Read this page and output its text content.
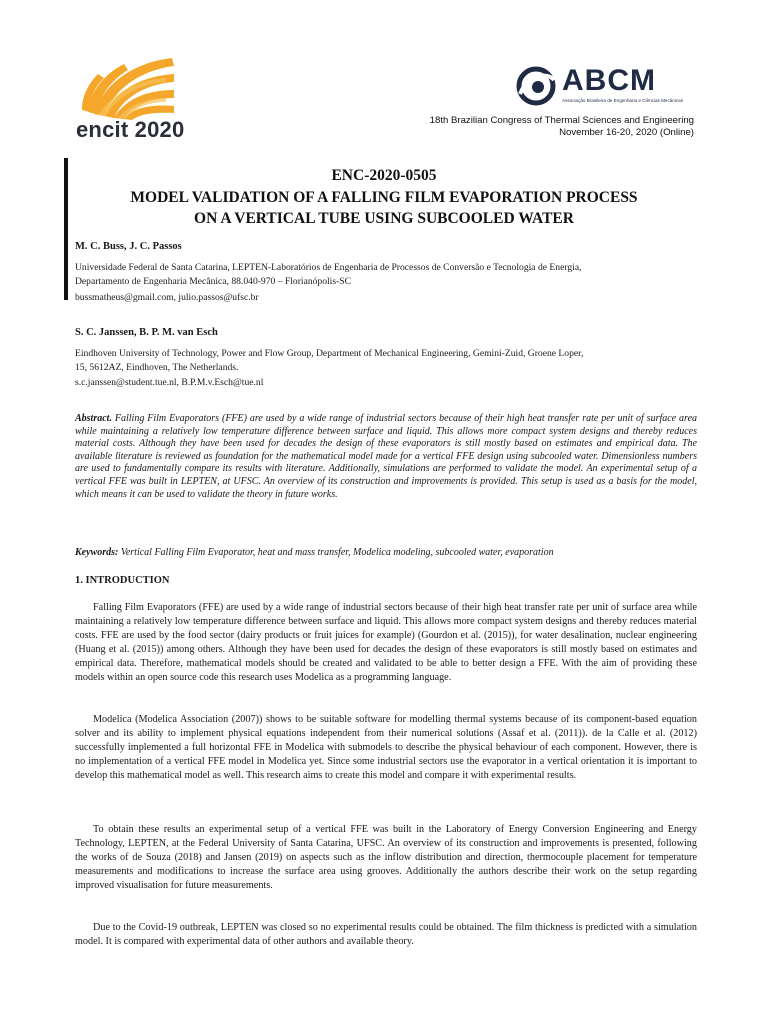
encit 2020
ABCM
Associação Brasileira de Engenharia e Ciências Mecânicas
18th Brazilian Congress of Thermal Sciences and Engineering
November 16-20, 2020 (Online)
ENC-2020-0505
MODEL VALIDATION OF A FALLING FILM EVAPORATION PROCESS
ON A VERTICAL TUBE USING SUBCOOLED WATER
M. C. Buss, J. C. Passos
Universidade Federal de Santa Catarina, LEPTEN-Laboratórios de Engenharia de Processos de Conversão e Tecnologia de Energia,
Departamento de Engenharia Mecânica, 88.040-970 – Florianópolis-SC
bussmatheus@gmail.com, julio.passos@ufsc.br
S. C. Janssen, B. P. M. van Esch
Eindhoven University of Technology, Power and Flow Group, Department of Mechanical Engineering, Gemini-Zuid, Groene Loper,
15, 5612AZ, Eindhoven, The Netherlands.
s.c.janssen@student.tue.nl, B.P.M.v.Esch@tue.nl
Abstract. Falling Film Evaporators (FFE) are used by a wide range of industrial sectors because of their high heat transfer rate per unit of surface area while maintaining a relatively low temperature difference between surface and liquid. This allows more compact system designs and thereby reduces material costs. Although they have been used for decades the design of these evaporators is still mostly based on estimates and empirical data. The available literature is reviewed as foundation for the mathematical model made for a vertical FFE design using subcooled water. Dimensionless numbers are used to fundamentally compare its results with literature. Additionally, simulations are performed to validate the model. An experimental setup of a vertical FFE was built in LEPTEN, at UFSC. An overview of its construction and improvements is provided. This setup is used as a basis for the model, which means it can be used to validate the theory in future works.
Keywords: Vertical Falling Film Evaporator, heat and mass transfer, Modelica modeling, subcooled water, evaporation
1. INTRODUCTION

Falling Film Evaporators (FFE) are used by a wide range of industrial sectors because of their high heat transfer rate per unit of surface area while maintaining a relatively low temperature difference between surface and liquid. This allows more compact system designs and thereby reduces material costs. FFE are used by the food sector (dairy products or fruit juices for example) (Gourdon et al. (2015)), for water desalination, nuclear engineering (Huang et al. (2015)) among others. Although they have been used for decades the design of these evaporators is still mostly based on estimates and empirical data. Therefore, mathematical models should be created and validated to be able to better design a FFE. With the aim of providing these models within an open source code this research uses Modelica as a programming language.

Modelica (Modelica Association (2007)) shows to be suitable software for modelling thermal systems because of its component-based equation solver and its ability to implement physical equations independent from their numerical solutions (Assaf et al. (2011)). de la Calle et al. (2012) successfully implemented a full horizontal FFE in Modelica with submodels to describe the physical behaviour of each component. However, there is no implementation of a vertical FFE model in Modelica yet. Since some industrial sectors use the evaporator in a vertical orientation it is important to develop this mathematical model as well. This research aims to create this model and compare it with experimental results.

To obtain these results an experimental setup of a vertical FFE was built in the Laboratory of Energy Conversion Engineering and Energy Technology, LEPTEN, at the Federal University of Santa Catarina, UFSC. An overview of its construction and improvements is presented, following the works of de Souza (2018) and Jansen (2019) on aspects such as the inflow distribution and direction, thermocouple placement for temperature measurements and modifications to increase the surface area using grooves. Additionally the authors describe their work on the setup regarding improved visualisation for future measurements.

Due to the Covid-19 outbreak, LEPTEN was closed so no experimental results could be obtained. The film thickness is predicted with a simulation model. It is compared with experimental data of other authors and available theory.
